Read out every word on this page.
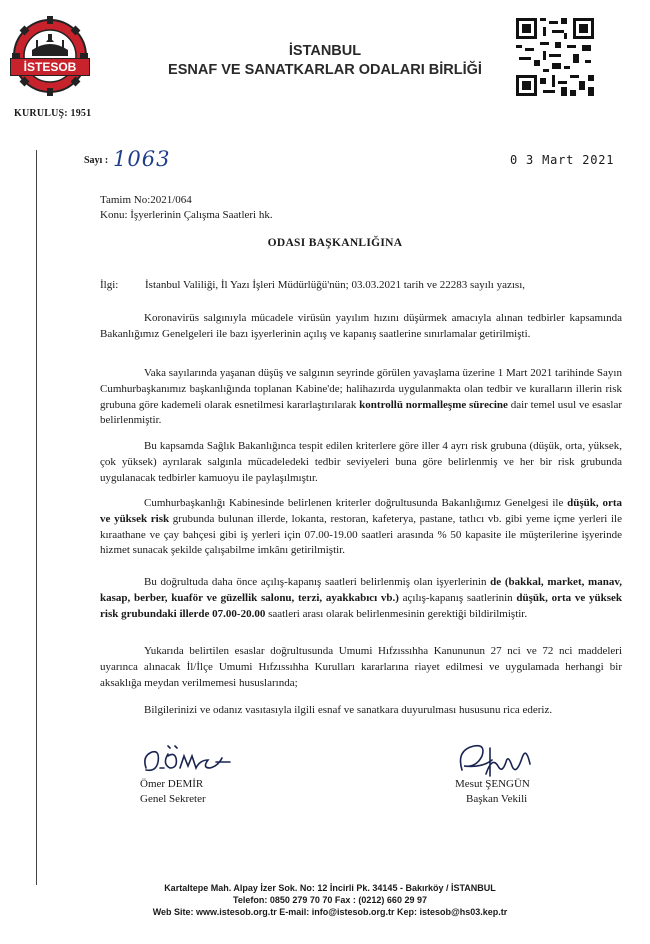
İSTESOB
KURULUŞ: 1951
İSTANBUL
ESNAF VE SANATKARLAR ODALARI BİRLİĞİ
Sayı : 1063	0 3 Mart 2021
Tamim No:2021/064
Konu: İşyerlerinin Çalışma Saatleri hk.
ODASI BAŞKANLIĞINA
İlgi: İstanbul Valiliği, İl Yazı İşleri Müdürlüğü'nün; 03.03.2021 tarih ve 22283 sayılı yazısı,
Koronavirüs salgınıyla mücadele virüsün yayılım hızını düşürmek amacıyla alınan tedbirler kapsamında Bakanlığımız Genelgeleri ile bazı işyerlerinin açılış ve kapanış saatlerine sınırlamalar getirilmişti.
Vaka sayılarında yaşanan düşüş ve salgının seyrinde görülen yavaşlama üzerine 1 Mart 2021 tarihinde Sayın Cumhurbaşkanımız başkanlığında toplanan Kabine'de; halihazırda uygulanmakta olan tedbir ve kuralların illerin risk grubuna göre kademeli olarak esnetilmesi kararlaştırılarak kontrollü normalleşme sürecine dair temel usul ve esaslar belirlenmiştir.
Bu kapsamda Sağlık Bakanlığınca tespit edilen kriterlere göre iller 4 ayrı risk grubuna (düşük, orta, yüksek, çok yüksek) ayrılarak salgınla mücadeledeki tedbir seviyeleri buna göre belirlenmiş ve her bir risk grubunda uygulanacak tedbirler kamuoyu ile paylaşılmıştır.
Cumhurbaşkanlığı Kabinesinde belirlenen kriterler doğrultusunda Bakanlığımız Genelgesi ile düşük, orta ve yüksek risk grubunda bulunan illerde, lokanta, restoran, kafeterya, pastane, tatlıcı vb. gibi yeme içme yerleri ile kıraathane ve çay bahçesi gibi iş yerleri için 07.00-19.00 saatleri arasında % 50 kapasite ile müşterilerine işyerinde hizmet sunacak şekilde çalışabilme imkânı getirilmiştir.
Bu doğrultuda daha önce açılış-kapanış saatleri belirlenmiş olan işyerlerinin de (bakkal, market, manav, kasap, berber, kuaför ve güzellik salonu, terzi, ayakkabıcı vb.) açılış-kapanış saatlerinin düşük, orta ve yüksek risk grubundaki illerde 07.00-20.00 saatleri arası olarak belirlenmesinin gerektiği bildirilmiştir.
Yukarıda belirtilen esaslar doğrultusunda Umumi Hıfzıssıhha Kanununun 27 nci ve 72 nci maddeleri uyarınca alınacak İl/İlçe Umumi Hıfzıssıhha Kurulları kararlarına riayet edilmesi ve uygulamada herhangi bir aksaklığa meydan verilmemesi hususlarında;
Bilgilerinizi ve odanız vasıtasıyla ilgili esnaf ve sanatkara duyurulması hususunu rica ederiz.
Ömer DEMİR
Genel Sekreter
Mesut ŞENGÜN
Başkan Vekili
Kartaltepe Mah. Alpay İzer Sok. No: 12 İncirli Pk. 34145 - Bakırköy / İSTANBUL
Telefon: 0850 279 70 70 Fax : (0212) 660 29 97
Web Site: www.istesob.org.tr E-mail: info@istesob.org.tr Kep: istesob@hs03.kep.tr
